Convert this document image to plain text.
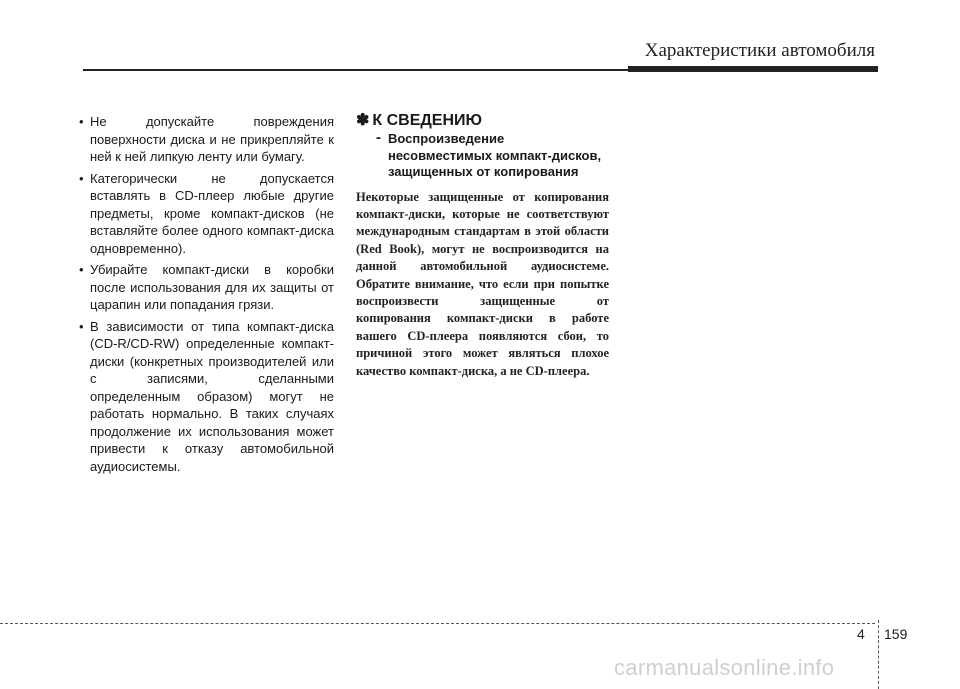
Характеристики автомобиля
• Не допускайте повреждения поверхности диска и не прикрепляйте к ней к ней липкую ленту или бумагу.
• Категорически не допускается вставлять в CD-плеер любые другие предметы, кроме компакт-дисков (не вставляйте более одного компакт-диска одновременно).
• Убирайте компакт-диски в коробки после использования для их защиты от царапин или попадания грязи.
• В зависимости от типа компакт-диска (CD-R/CD-RW) определенные компакт-диски (конкретных производителей или с записями, сделанными определенным образом) могут не работать нормально. В таких случаях продолжение их использования может привести к отказу автомобильной аудиосистемы.

✽ К СВЕДЕНИЮ

- Воспроизведение несовместимых компакт-дисков, защищенных от копирования
Некоторые защищенные от копирования компакт-диски, которые не соответствуют международным стандартам в этой области (Red Book), могут не воспроизводится на данной автомобильной аудиосистеме. Обратите внимание, что если при попытке воспроизвести защищенные от копирования компакт-диски в работе вашего CD-плеера появляются сбои, то причиной этого может являться плохое качество компакт-диска, а не CD-плеера.
4 159
carmanualsonline.info
